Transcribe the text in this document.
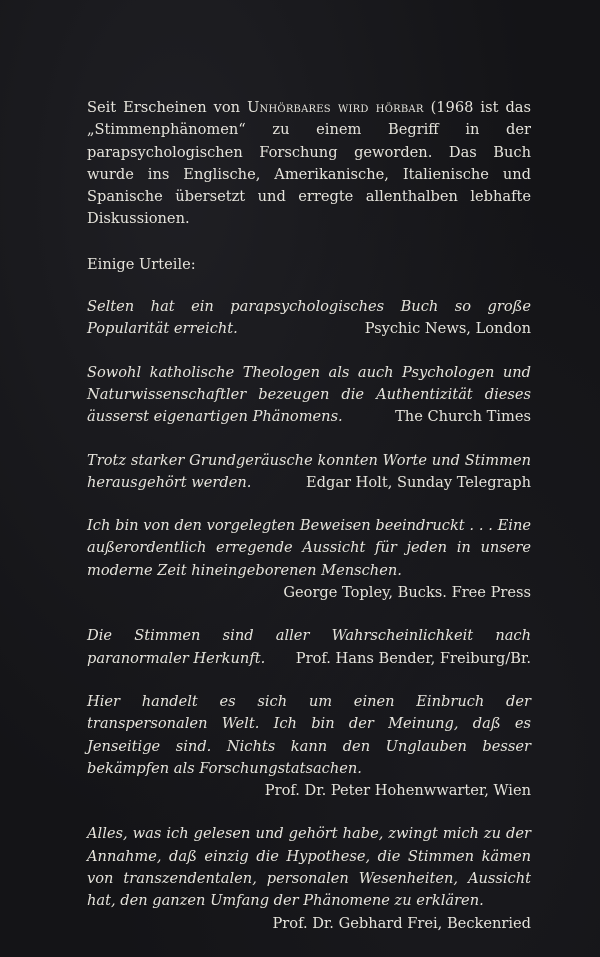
Seit Erscheinen von Unhörbares wird hörbar (1968 ist das „Stimmenphänomen“ zu einem Begriff in der parapsychologischen Forschung geworden. Das Buch wurde ins Englische, Amerikanische, Italienische und Spanische übersetzt und erregte allenthalben lebhafte Diskussionen.

Einige Urteile:
Selten hat ein parapsychologisches Buch so große Popularität erreicht.	Psychic News, London
Sowohl katholische Theologen als auch Psychologen und Naturwissenschaftler bezeugen die Authentizität dieses äusserst eigenartigen Phänomens.	The Church Times
Trotz starker Grundgeräusche konnten Worte und Stimmen herausgehört werden.	Edgar Holt, Sunday Telegraph
Ich bin von den vorgelegten Beweisen beeindruckt . . . Eine außerordentlich erregende Aussicht für jeden in unsere moderne Zeit hineingeborenen Menschen.
George Topley, Bucks. Free Press
Die Stimmen sind aller Wahrscheinlichkeit nach paranormaler Herkunft. Prof. Hans Bender, Freiburg/Br.
Hier handelt es sich um einen Einbruch der transpersonalen Welt. Ich bin der Meinung, daß es Jenseitige sind. Nichts kann den Unglauben besser bekämpfen als Forschungstatsachen.
Prof. Dr. Peter Hohenwwarter, Wien
Alles, was ich gelesen und gehört habe, zwingt mich zu der Annahme, daß einzig die Hypothese, die Stimmen kämen von transzendentalen, personalen Wesenheiten, Aussicht hat, den ganzen Umfang der Phänomene zu erklären.
Prof. Dr. Gebhard Frei, Beckenried
